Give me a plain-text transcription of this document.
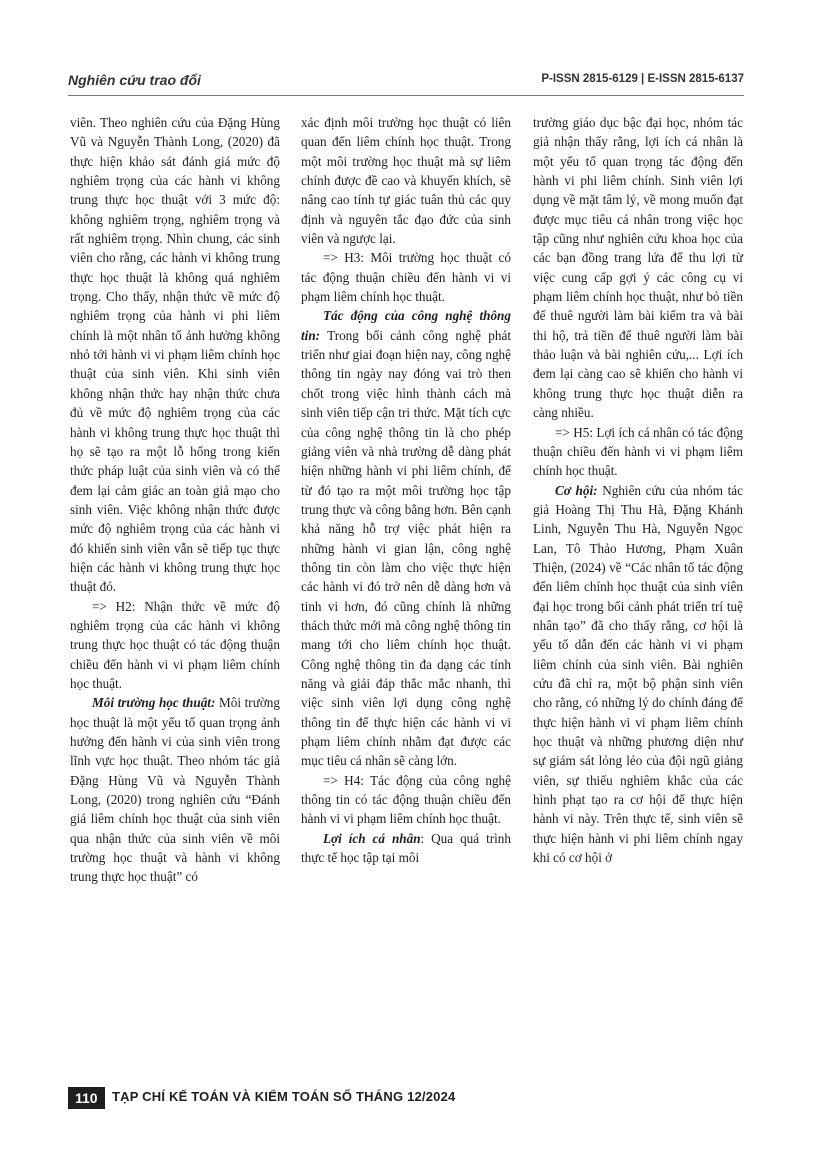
Nghiên cứu trao đổi	P-ISSN 2815-6129 | E-ISSN 2815-6137

viên. Theo nghiên cứu của Đặng Hùng Vũ và Nguyễn Thành Long, (2020) đã thực hiện khảo sát đánh giá mức độ nghiêm trọng của các hành vi không trung thực học thuật với 3 mức độ: không nghiêm trọng, nghiêm trọng và rất nghiêm trọng. Nhìn chung, các sinh viên cho rằng, các hành vi không trung thực học thuật là không quá nghiêm trọng. Cho thấy, nhận thức về mức độ nghiêm trọng của hành vi phi liêm chính là một nhân tố ảnh hưởng không nhỏ tới hành vi vi phạm liêm chính học thuật của sinh viên. Khi sinh viên không nhận thức hay nhận thức chưa đủ về mức độ nghiêm trọng của các hành vi không trung thực học thuật thì họ sẽ tạo ra một lỗ hổng trong kiến thức pháp luật của sinh viên và có thể đem lại cảm giác an toàn giả mạo cho sinh viên. Việc không nhận thức được mức độ nghiêm trọng của các hành vi đó khiến sinh viên vẫn sẽ tiếp tục thực hiện các hành vi không trung thực học thuật đó.

=> H2: Nhận thức về mức độ nghiêm trọng của các hành vi không trung thực học thuật có tác động thuận chiều đến hành vi vi phạm liêm chính học thuật.

Môi trường học thuật: Môi trường học thuật là một yếu tố quan trọng ảnh hưởng đến hành vi của sinh viên trong lĩnh vực học thuật. Theo nhóm tác giả Đặng Hùng Vũ và Nguyễn Thành Long, (2020) trong nghiên cứu “Đánh giá liêm chính học thuật của sinh viên qua nhận thức của sinh viên về môi trường học thuật và hành vi không trung thực học thuật” có

xác định môi trường học thuật có liên quan đến liêm chính học thuật. Trong một môi trường học thuật mà sự liêm chính được đề cao và khuyến khích, sẽ nâng cao tính tự giác tuân thủ các quy định và nguyên tắc đạo đức của sinh viên và ngược lại.

=> H3: Môi trường học thuật có tác động thuận chiều đến hành vi vi phạm liêm chính học thuật.

Tác động của công nghệ thông tin: Trong bối cảnh công nghệ phát triển như giai đoạn hiện nay, công nghệ thông tin ngày nay đóng vai trò then chốt trong việc hình thành cách mà sinh viên tiếp cận tri thức. Mặt tích cực của công nghệ thông tin là cho phép giảng viên và nhà trường dễ dàng phát hiện những hành vi phi liêm chính, để từ đó tạo ra một môi trường học tập trung thực và công bằng hơn. Bên cạnh khả năng hỗ trợ việc phát hiện ra những hành vi gian lận, công nghệ thông tin còn làm cho việc thực hiện các hành vi đó trở nên dễ dàng hơn và tinh vi hơn, đó cũng chính là những thách thức mới mà công nghệ thông tin mang tới cho liêm chính học thuật. Công nghệ thông tin đa dạng các tính năng và giải đáp thắc mắc nhanh, thì việc sinh viên lợi dụng công nghệ thông tin để thực hiện các hành vi vi phạm liêm chính nhằm đạt được các mục tiêu cá nhân sẽ càng lớn.

=> H4: Tác động của công nghệ thông tin có tác động thuận chiều đến hành vi vi phạm liêm chính học thuật.

Lợi ích cá nhân: Qua quá trình thực tế học tập tại môi

trường giáo dục bậc đại học, nhóm tác giả nhận thấy rằng, lợi ích cá nhân là một yếu tố quan trọng tác động đến hành vi phi liêm chính. Sinh viên lợi dụng về mặt tâm lý, về mong muốn đạt được mục tiêu cá nhân trong việc học tập cũng như nghiên cứu khoa học của các bạn đồng trang lứa để thu lợi từ việc cung cấp gợi ý các công cụ vi phạm liêm chính học thuật, như bỏ tiền để thuê người làm bài kiểm tra và bài thi hộ, trả tiền để thuê người làm bài thảo luận và bài nghiên cứu,... Lợi ích đem lại càng cao sẽ khiến cho hành vi không trung thực học thuật diễn ra càng nhiều.

=> H5: Lợi ích cá nhân có tác động thuận chiều đến hành vi vi phạm liêm chính học thuật.

Cơ hội: Nghiên cứu của nhóm tác giả Hoàng Thị Thu Hà, Đặng Khánh Linh, Nguyễn Thu Hà, Nguyễn Ngọc Lan, Tô Thảo Hương, Phạm Xuân Thiện, (2024) về “Các nhân tố tác động đến liêm chính học thuật của sinh viên đại học trong bối cảnh phát triển trí tuệ nhân tạo” đã cho thấy rằng, cơ hội là yếu tố dẫn đến các hành vi vi phạm liêm chính của sinh viên. Bài nghiên cứu đã chỉ ra, một bộ phận sinh viên cho rằng, có những lý do chính đáng để thực hiện hành vi vi phạm liêm chính học thuật và những phương diện như sự giám sát lỏng lẻo của đội ngũ giảng viên, sự thiếu nghiêm khắc của các hình phạt tạo ra cơ hội để thực hiện hành vi này. Trên thực tế, sinh viên sẽ thực hiện hành vi phi liêm chính ngay khi có cơ hội ở

110	TẠP CHÍ KẾ TOÁN VÀ KIỂM TOÁN SỐ THÁNG 12/2024
